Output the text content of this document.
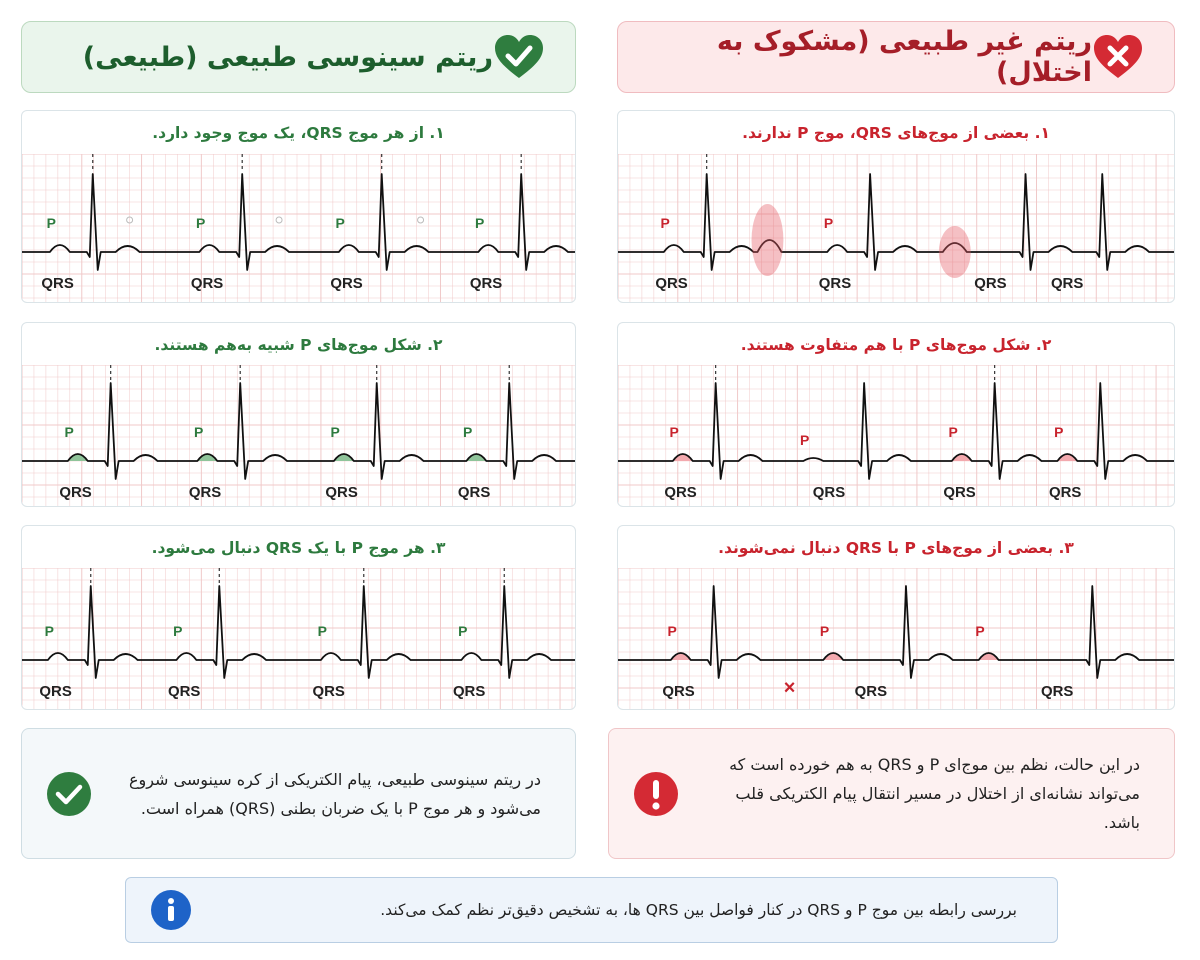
ریتم سینوسی طبیعی (طبیعی)	ریتم غیر طبیعی (مشکوک به اختلال)
۱. از هر موج QRS، یک موج وجود دارد.
P
QRS
P
QRS
P
QRS
P
QRS
۲. شکل موج‌های P شبیه به‌هم هستند.
P
QRS
P
QRS
P
QRS
P
QRS
۳. هر موج P با یک QRS دنبال می‌شود.
P
QRS
P
QRS
P
QRS
P
QRS
۱. بعضی از موج‌های QRS، موج P ندارند.
P
QRS
P
QRS	QRS	QRS
۲. شکل موج‌های P با هم متفاوت هستند.
P
QRS
P
QRS
P
QRS
P
QRS
۳. بعضی از موج‌های P با QRS دنبال نمی‌شوند.
P
QRS
P
QRS
P
QRS
×
در ریتم سینوسی طبیعی، پیام الکتریکی از کره سینوسی شروع می‌شود و هر موج P با یک ضربان بطنی (QRS) همراه است.
در این حالت، نظم بین موج‌ای P و QRS به هم خورده است که می‌تواند نشانه‌ای از اختلال در مسیر انتقال پیام الکتریکی قلب باشد.
بررسی رابطه بین موج P و QRS در کنار فواصل بین QRS ها، به تشخیص دقیق‌تر نظم کمک می‌کند.
